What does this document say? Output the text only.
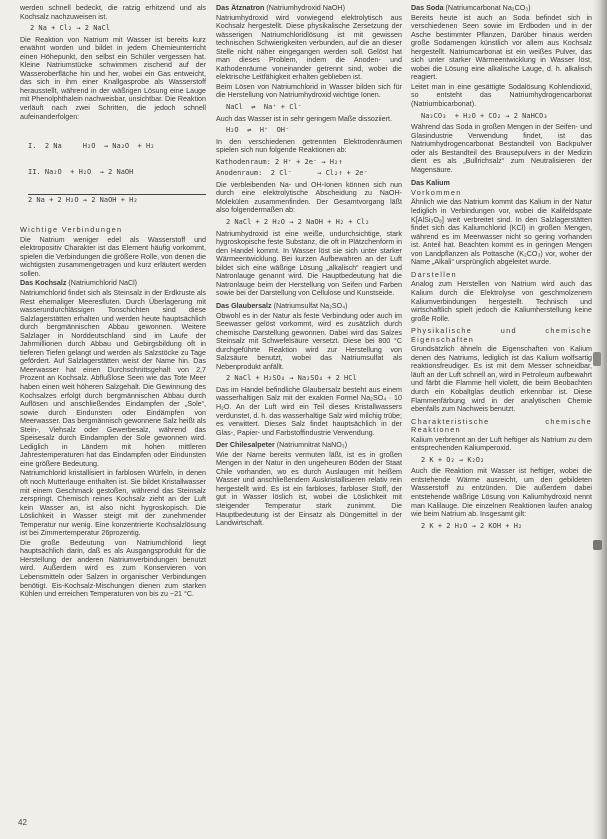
werden schnell bedeckt, die ratzig erhitzend und als Kochsalz nachzuweisen ist.

2 Na + Cl₂ → 2 NaCl

Die Reaktion von Natrium mit Wasser ist bereits kurz erwähnt worden und bildet in jedem Chemieunterricht einen Höhepunkt, den selbst ein Schüler vergessen hat. Kleine Natriumstücke schwimmen zischend auf der Wasseroberfläche hin und her, wobei ein Gas entweicht, das sich in ihm einer Knallgasprobe als Wasserstoff herausstellt, während in der wäßrigen Lösung eine Lauge mit Phenolphthalein nachweisbar, unsichtbar. Die Reaktion verläuft nach zwei Schritten, die jedoch schnell aufeinanderfolgen:

I.  2 Na     H₂O  → Na₂O  + H₂

II. Na₂O  + H₂O  → 2 NaOH

2 Na + 2 H₂O → 2 NaOH + H₂

Wichtige Verbindungen

Die Natrium weniger edel als Wasserstoff und elektropositiv Charakter ist das Element häufig vorkommt, spielen die Verbindungen die größere Rolle, von denen die wichtigsten zusammengetragen und kurz erläutert werden sollen.

Das Kochsalz (Natriumchlorid NaCl)

Natriumchlorid findet sich als Steinsalz in der Erdkruste als Rest ehemaliger Meeresfluten. Durch Überlagerung mit wasserundurchlässigen Tonschichten sind diese Salzlagerstätten erhalten und werden heute hauptsächlich durch bergmännischen Abbau gewonnen. Weitere Salzlager in Norddeutschland sind im Laufe der Jahrmillionen durch Abbau und Gebirgsbildung oft in tieferen Tiefen gelangt und werden als Salzstöcke zu Tage gefördert. Auf Salzlagerstätten weist der Name hin. Das Meerwasser hat einen Durchschnittsgehalt von 2,7 Prozent an Kochsalz. Abflußlose Seen wie das Tote Meer haben einen weit höheren Salzgehalt. Die Gewinnung des Kochsalzes erfolgt durch bergmännischen Abbau durch Auflösen und anschließendes Eindampfen der „Sole“, sowie durch Eindunsten oder Eindämpfen von Meerwasser. Das bergmännisch gewonnene Salz heißt als Stein-, Viehsalz oder Gewerbesalz, während das Speisesalz durch Eindampfen der Sole gewonnen wird. Lediglich in Ländern mit hohen mittleren Jahrestemperaturen hat das Eindampfen oder Eindunsten eine größere Bedeutung.

Natriumchlorid kristallisiert in farblosen Würfeln, in denen oft noch Mutterlauge enthalten ist. Sie bildet Kristallwasser mit einem Geschmack gestoßen, während das Steinsalz zerspringt. Chemisch reines Kochsalz zieht an der Luft kein Wasser an, ist also nicht hygroskopisch. Die Löslichkeit in Wasser steigt mit der zunehmender Temperatur nur wenig. Eine konzentrierte Kochsalzlösung ist bei Zimmertemperatur 26prozentig.

Die große Bedeutung von Natriumchlorid liegt hauptsächlich darin, daß es als Ausgangsprodukt für die Herstellung der anderen Natriumverbindungen benutzt wird. Außerdem wird es zum Konservieren von Lebensmitteln oder Salzen in organischer Verbindungen benötigt. Eis-Kochsalz-Mischungen dienen zum starken Kühlen und erreichen Temperaturen von bis zu −21 °C.

Das Ätznatron (Natriumhydroxid NaOH)

Natriumhydroxid wird vorwiegend elektrolytisch aus Kochsalz hergestellt. Diese physikalische Zersetzung der wässerigen Natriumchloridlösung ist mit gewissen technischen Schwierigkeiten verbunden, auf die an dieser Stelle nicht näher eingegangen werden soll. Gelöst hat man dieses Problem, indem die Anoden- und Kathodenräume voneinander getrennt sind, wobei die elektrische Leitfähigkeit erhalten geblieben ist.

Beim Lösen von Natriumchlorid in Wasser bilden sich für die Herstellung von Natriumhydroxid wichtige Ionen.

NaCl  ⇌  Na⁺ + Cl⁻

Auch das Wasser ist in sehr geringem Maße dissoziiert.

H₂O  ⇌  H⁺  OH⁻

In den verschiedenen getrennten Elektrodenräumen spielen sich nun folgende Reaktionen ab:

Kathodenraum: 2 H⁺ + 2e⁻ → H₂↑
Anodenraum:  2 Cl⁻      → Cl₂↑ + 2e⁻

Die verbleibenden Na- und OH-Ionen können sich nun durch eine elektrolytische Abscheidung zu NaOH-Molekülen zusammenfinden. Der Gesamtvorgang läßt also folgendermaßen ab:

2 NaCl + 2 H₂O → 2 NaOH + H₂ + Cl₂

Natriumhydroxid ist eine weiße, undurchsichtige, stark hygroskopische feste Substanz, die oft in Plätzchenform in den Handel kommt. In Wasser löst sie sich unter starker Wärmeentwicklung. Bei kurzen Aufbewahren an der Luft bildet sich eine wäßrige Lösung „alkalisch“ reagiert und Natronlauge genannt wird. Die Hauptbedeutung hat die Natronlauge beim der Herstellung von Seifen und Farben sowie bei der Darstellung von Cellulose und Kunstseide.

Das Glaubersalz (Natriumsulfat Na₂SO₄)

Obwohl es in der Natur als feste Verbindung oder auch im Seewasser gelöst vorkommt, wird es zusätzlich durch chemische Darstellung gewonnen. Dabei wird das Salzes Steinsalz mit Schwefelsäure versetzt. Diese bei 800 °C durchgeführte Reaktion wird zur Herstellung von Salzsäure benutzt, wobei das Natriumsulfat als Nebenprodukt anfällt.

2 NaCl + H₂SO₄ → Na₂SO₄ + 2 HCl

Das im Handel befindliche Glaubersalz besteht aus einem wasserhaltigen Salz mit der exakten Formel Na₂SO₄ · 10 H₂O. An der Luft wird ein Teil dieses Kristallwassers verdunstet, d. h. das wasserhaltige Salz wird milchig trübe; es verwittert. Dieses Salz findet hauptsächlich in der Glas-, Papier- und Farbstoffindustrie Verwendung.

Der Chilesalpeter (Natriumnitrat NaNO₃)

Wie der Name bereits vermuten läßt, ist es in großen Mengen in der Natur in den ungeheuren Böden der Staat Chile vorhanden, wo es durch Auslaugen mit heißem Wasser und anschließendem Auskristallisieren relativ rein hergestellt wird. Es ist ein farbloses, farbloser Stoff, der gut in Wasser löslich ist, wobei die Löslichkeit mit steigender Temperatur stark zunimmt. Die Hauptbedeutung ist der Einsatz als Düngemittel in der Landwirtschaft.

Das Soda (Natriumcarbonat Na₂CO₃)

Bereits heute ist auch an Soda befindet sich in verschiedenen Seen sowie im Erdboden und in der Asche bestimmter Pflanzen, Darüber hinaus werden große Sodamengen künstlich vor allem aus Kochsalz hergestellt. Natriumcarbonat ist ein weißes Pulver, das sich unter starker Wärmeentwicklung in Wasser löst, wobei die Lösung eine alkalische Lauge, d. h. alkalisch reagiert.

Leitet man in eine gesättigte Sodalösung Kohlendioxid, so entsteht das Natriumhydrogencarbonat (Natriumbicarbonat).

Na₂CO₃  + H₂O + CO₂ → 2 NaHCO₃

Während das Soda in großen Mengen in der Seifen- und Glasindustrie Verwendung findet, ist das Natriumhydrogencarbonat Bestandteil von Backpulver oder als Bestandteil des Brausepulvers in der Medizin dient es als „Bullrichsalz“ zum Neutralisieren der Magensäure.

Das Kalium
Vorkommen

Ähnlich wie das Natrium kommt das Kalium in der Natur lediglich in Verbindungen vor, wobei die Kalifeldspate K[AlSi₃O₈] weit verbreitet sind. In den Salzlagerstätten findet sich das Kaliumchlorid (KCl) in großen Mengen, während es im Meerwasser nicht so gering vorhanden ist. Anteil hat. Beachten kommt es in geringen Mengen von Landpflanzen als Pottasche (K₂CO₃) vor, woher der Name „Alkali“ ursprünglich abgeleitet wurde.

Darstellen

Analog zum Herstellen von Natrium wird auch das Kalium durch die Elektrolyse von geschmolzenem Kaliumverbindungen hergestellt. Technisch und wirtschaftlich spielt jedoch die Kaliumherstellung keine große Rolle.

Physikalische und chemische Eigenschaften

Grundsätzlich ähneln die Eigenschaften von Kalium denen des Natriums, lediglich ist das Kalium wolfsartig reaktionsfreudiger. Es ist mit dem Messer schneidbar, läuft an der Luft schnell an, wird in Petroleum aufbewahrt und färbt die Flamme hell violett, die beim Beobachten durch ein Kobaltglas deutlich erkennbar ist. Diese Flammenfärbung wird in der analytischen Chemie ebenfalls zum Nachweis benutzt.

Charakteristische chemische Reaktionen

Kalium verbrennt an der Luft heftiger als Natrium zu dem entsprechenden Kaliumperoxid.

2 K + O₂ → K₂O₂

Auch die Reaktion mit Wasser ist heftiger, wobei die entstehende Wärme ausreicht, um den gebildeten Wasserstoff zu entzünden. Die außerdem dabei entstehende wäßrige Lösung von Kaliumhydroxid nennt man Kalilauge. Die einzelnen Reaktionen laufen analog wie beim Natrium ab. Insgesamt gilt:

2 K + 2 H₂O → 2 KOH + H₂
42
